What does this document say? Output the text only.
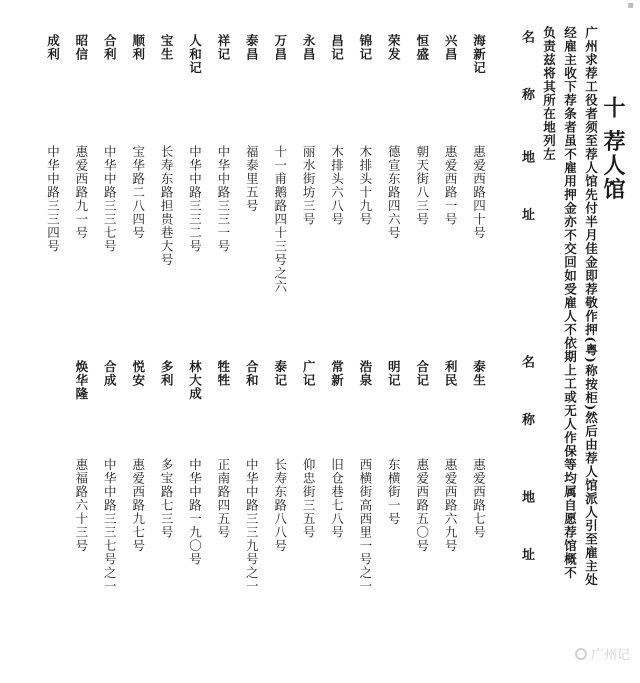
十 荐人馆
广州求荐工役者须至荐人馆先付半月佳金即荐敬作押(粤)称按柜)然后由荐人馆派人引至雇主处
经雇主收下荐条者虽不雇用押金亦不交回如受雇人不依期上工或无人作保等均属自愿荐馆概不
负责兹将其所在地列左
名 称
地 址
名 称
地 址
海新记
惠爱西路四十号
兴昌
惠爱西路一号
恒盛
朝天街八三号
荣发
德宣东路四六号
锦记
木排头十九号
昌记
木排头六八号
永昌
丽水街坊三号
万昌
十一甫鹅路四十三号之六
泰昌
福泰里五号
祥记
中华中路三三一号
人和记
中华中路三三二号
宝生
长寿东路担贵巷大号
顺利
宝华路二八四号
合利
中华中路三三七号
昭信
惠爱西路九一号
成利
中华中路三三四号
泰生
惠爱西路七号
利民
惠爱西路六九号
合记
惠爱西路五〇号
明记
东横街一号
浩泉
西横街高西里一号之一
常新
旧仓巷七八号
广记
仰忠街三五号
泰记
长寿东路八八号
合和
中华中路三三九号之一
牲牲
正南路四五号
林大成
中华中路一九〇号
多利
多宝路七三号
悦安
惠爱西路九七号
合成
中华中路三三七号之一
焕华隆
惠福路六十三号
▪
广州记
